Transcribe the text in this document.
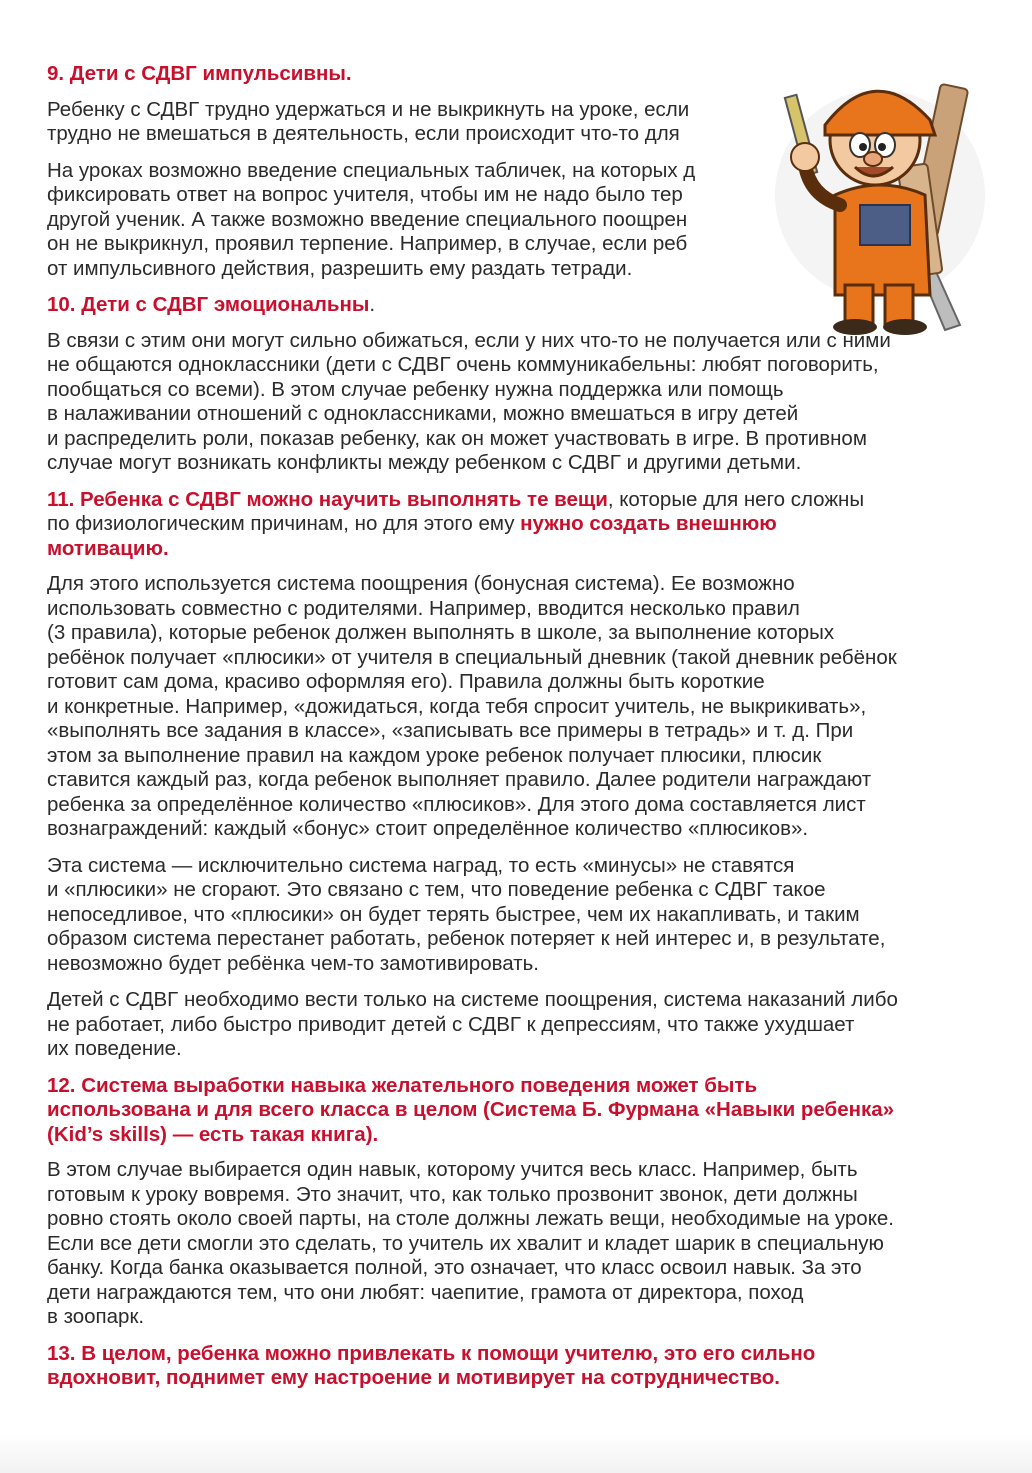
9. Дети с СДВГ импульсивны.

Ребенку с СДВГ трудно удержаться и не выкрикнуть на уроке, если
трудно не вмешаться в деятельность, если происходит что-то для

На уроках возможно введение специальных табличек, на которых д
фиксировать ответ на вопрос учителя, чтобы им не надо было тер
другой ученик. А также возможно введение специального поощрен
он не выкрикнул, проявил терпение. Например, в случае, если реб
от импульсивного действия, разрешить ему раздать тетради.

10. Дети с СДВГ эмоциональны.

В связи с этим они могут сильно обижаться, если у них что-то не получается или с ними
не общаются одноклассники (дети с СДВГ очень коммуникабельны: любят поговорить,
пообщаться со всеми). В этом случае ребенку нужна поддержка или помощь
в налаживании отношений с одноклассниками, можно вмешаться в игру детей
и распределить роли, показав ребенку, как он может участвовать в игре. В противном
случае могут возникать конфликты между ребенком с СДВГ и другими детьми.

11. Ребенка с СДВГ можно научить выполнять те вещи, которые для него сложны
по физиологическим причинам, но для этого ему нужно создать внешнюю
мотивацию.

Для этого используется система поощрения (бонусная система). Ее возможно
использовать совместно с родителями. Например, вводится несколько правил
(3 правила), которые ребенок должен выполнять в школе, за выполнение которых
ребёнок получает «плюсики» от учителя в специальный дневник (такой дневник ребёнок
готовит сам дома, красиво оформляя его). Правила должны быть короткие
и конкретные. Например, «дожидаться, когда тебя спросит учитель, не выкрикивать»,
«выполнять все задания в классе», «записывать все примеры в тетрадь» и т. д. При
этом за выполнение правил на каждом уроке ребенок получает плюсики, плюсик
ставится каждый раз, когда ребенок выполняет правило. Далее родители награждают
ребенка за определённое количество «плюсиков». Для этого дома составляется лист
вознаграждений: каждый «бонус» стоит определённое количество «плюсиков».

Эта система — исключительно система наград, то есть «минусы» не ставятся
и «плюсики» не сгорают. Это связано с тем, что поведение ребенка с СДВГ такое
непоседливое, что «плюсики» он будет терять быстрее, чем их накапливать, и таким
образом система перестанет работать, ребенок потеряет к ней интерес и, в результате,
невозможно будет ребёнка чем-то замотивировать.

Детей с СДВГ необходимо вести только на системе поощрения, система наказаний либо
не работает, либо быстро приводит детей с СДВГ к депрессиям, что также ухудшает
их поведение.

12. Система выработки навыка желательного поведения может быть
использована и для всего класса в целом (Система Б. Фурмана «Навыки ребенка»
(Kid’s skills) — есть такая книга).

В этом случае выбирается один навык, которому учится весь класс. Например, быть
готовым к уроку вовремя. Это значит, что, как только прозвонит звонок, дети должны
ровно стоять около своей парты, на столе должны лежать вещи, необходимые на уроке.
Если все дети смогли это сделать, то учитель их хвалит и кладет шарик в специальную
банку. Когда банка оказывается полной, это означает, что класс освоил навык. За это
дети награждаются тем, что они любят: чаепитие, грамота от директора, поход
в зоопарк.

13. В целом, ребенка можно привлекать к помощи учителю, это его сильно
вдохновит, поднимет ему настроение и мотивирует на сотрудничество.
